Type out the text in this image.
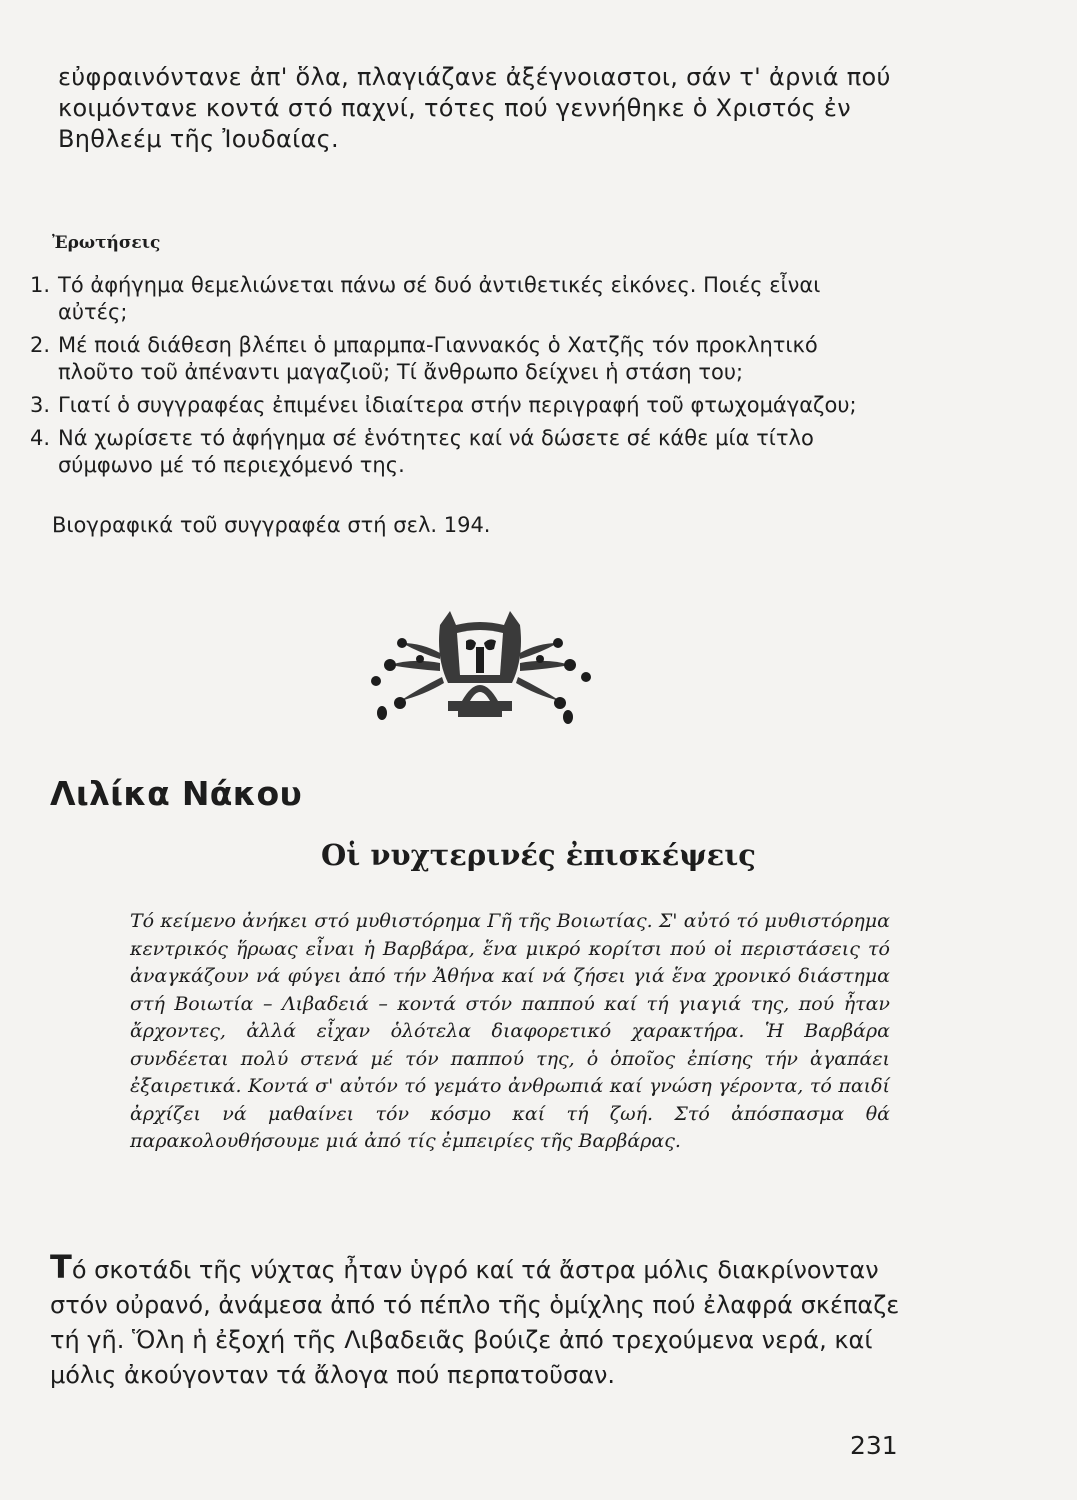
εὐφραινόντανε ἀπ' ὅλα, πλαγιάζανε ἀξέγνοιαστοι, σάν τ' ἀρνιά πού κοιμόντανε κοντά στό παχνί, τότες πού γεννήθηκε ὁ Χριστός ἐν Βηθλεέμ τῆς Ἰουδαίας.

Ἐρωτήσεις
1. Τό ἀφήγημα θεμελιώνεται πάνω σέ δυό ἀντιθετικές εἰκόνες. Ποιές εἶναι αὐτές;
2. Μέ ποιά διάθεση βλέπει ὁ μπαρμπα-Γιαννακός ὁ Χατζῆς τόν προκλητικό πλοῦτο τοῦ ἀπέναντι μαγαζιοῦ; Τί ἄνθρωπο δείχνει ἡ στάση του;
3. Γιατί ὁ συγγραφέας ἐπιμένει ἰδιαίτερα στήν περιγραφή τοῦ φτωχομάγαζου;
4. Νά χωρίσετε τό ἀφήγημα σέ ἑνότητες καί νά δώσετε σέ κάθε μία τίτλο σύμφωνο μέ τό περιεχόμενό της.

Βιογραφικά τοῦ συγγραφέα στή σελ. 194.

Λιλίκα Νάκου
Οἱ νυχτερινές ἐπισκέψεις

Τό κείμενο ἀνήκει στό μυθιστόρημα Γῆ τῆς Βοιωτίας. Σ' αὐτό τό μυθιστόρημα κεντρικός ἥρωας εἶναι ἡ Βαρβάρα, ἕνα μικρό κορίτσι πού οἱ περιστάσεις τό ἀναγκάζουν νά φύγει ἀπό τήν Ἀθήνα καί νά ζήσει γιά ἕνα χρονικό διάστημα στή Βοιωτία – Λιβαδειά – κοντά στόν παππού καί τή γιαγιά της, πού ἦταν ἄρχοντες, ἀλλά εἶχαν ὁλότελα διαφορετικό χαρακτήρα. Ἡ Βαρβάρα συνδέεται πολύ στενά μέ τόν παππού της, ὁ ὁποῖος ἐπίσης τήν ἀγαπάει ἐξαιρετικά. Κοντά σ' αὐτόν τό γεμάτο ἀνθρωπιά καί γνώση γέροντα, τό παιδί ἀρχίζει νά μαθαίνει τόν κόσμο καί τή ζωή. Στό ἀπόσπασμα θά παρακολουθήσουμε μιά ἀπό τίς ἐμπειρίες τῆς Βαρβάρας.

Τό σκοτάδι τῆς νύχτας ἦταν ὑγρό καί τά ἄστρα μόλις διακρίνονταν στόν οὐρανό, ἀνάμεσα ἀπό τό πέπλο τῆς ὁμίχλης πού ἐλαφρά σκέπαζε τή γῆ. Ὅλη ἡ ἐξοχή τῆς Λιβαδειᾶς βούιζε ἀπό τρεχούμενα νερά, καί μόλις ἀκούγονταν τά ἄλογα πού περπατοῦσαν.

231
